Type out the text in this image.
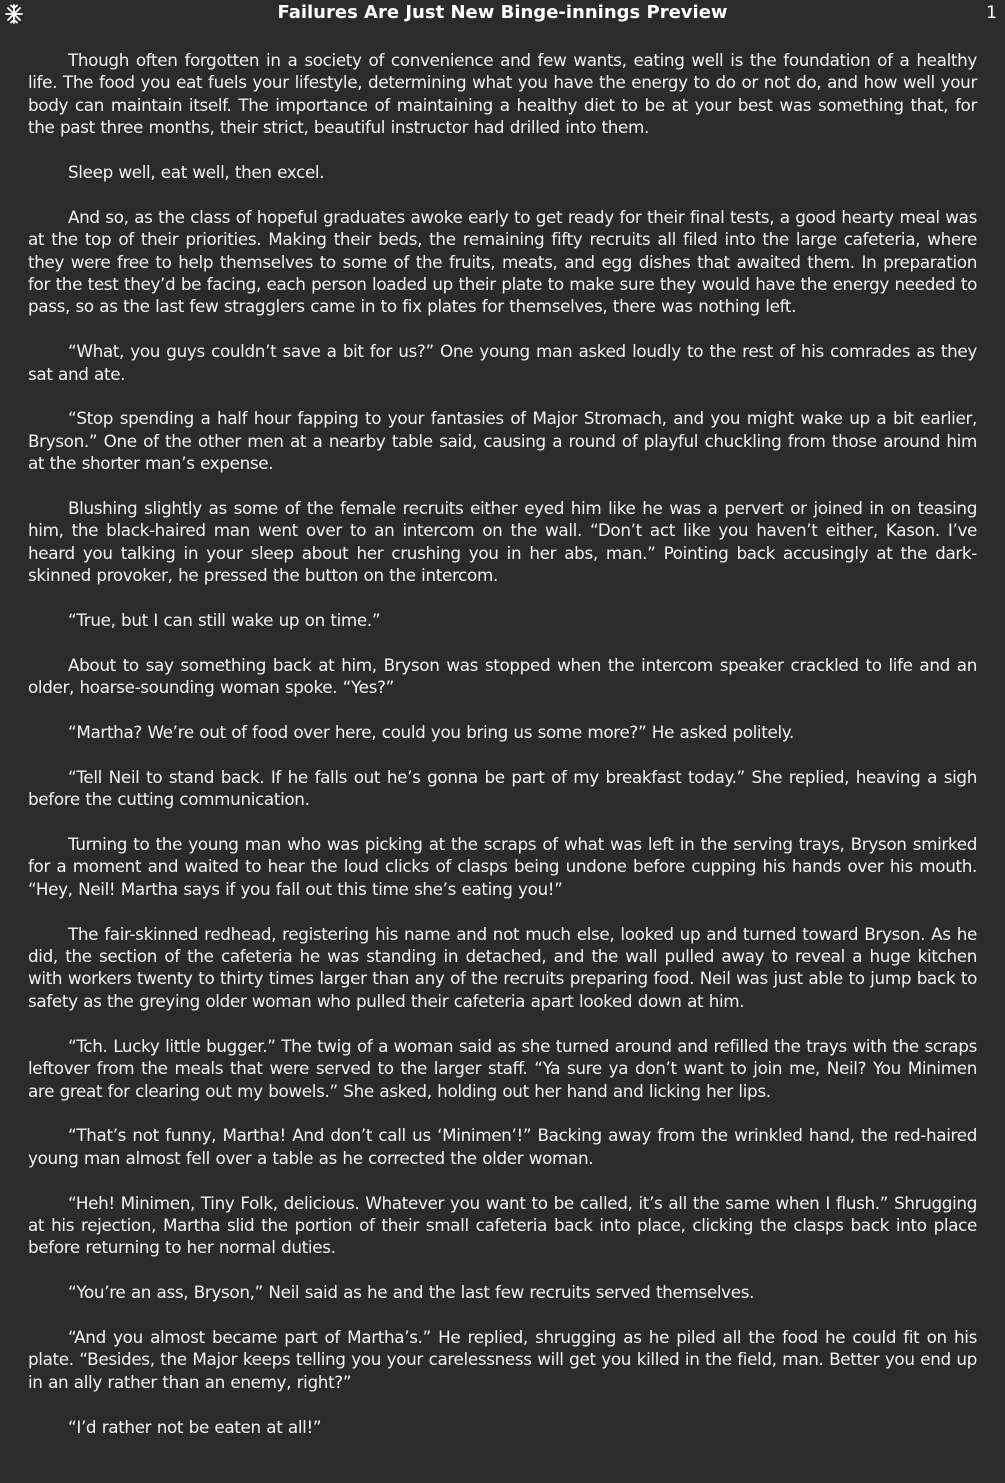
Failures Are Just New Binge-innings Preview	1

Though often forgotten in a society of convenience and few wants, eating well is the foundation of a healthy life. The food you eat fuels your lifestyle, determining what you have the energy to do or not do, and how well your body can maintain itself. The importance of maintaining a healthy diet to be at your best was something that, for the past three months, their strict, beautiful instructor had drilled into them.

Sleep well, eat well, then excel.

And so, as the class of hopeful graduates awoke early to get ready for their final tests, a good hearty meal was at the top of their priorities. Making their beds, the remaining fifty recruits all filed into the large cafeteria, where they were free to help themselves to some of the fruits, meats, and egg dishes that awaited them. In preparation for the test they’d be facing, each person loaded up their plate to make sure they would have the energy needed to pass, so as the last few stragglers came in to fix plates for themselves, there was nothing left.

“What, you guys couldn’t save a bit for us?” One young man asked loudly to the rest of his comrades as they sat and ate.

“Stop spending a half hour fapping to your fantasies of Major Stromach, and you might wake up a bit earlier, Bryson.” One of the other men at a nearby table said, causing a round of playful chuckling from those around him at the shorter man’s expense.

Blushing slightly as some of the female recruits either eyed him like he was a pervert or joined in on teasing him, the black-haired man went over to an intercom on the wall. “Don’t act like you haven’t either, Kason. I’ve heard you talking in your sleep about her crushing you in her abs, man.” Pointing back accusingly at the dark-skinned provoker, he pressed the button on the intercom.

“True, but I can still wake up on time.”

About to say something back at him, Bryson was stopped when the intercom speaker crackled to life and an older, hoarse-sounding woman spoke. “Yes?”

“Martha? We’re out of food over here, could you bring us some more?” He asked politely.

“Tell Neil to stand back. If he falls out he’s gonna be part of my breakfast today.” She replied, heaving a sigh before the cutting communication.

Turning to the young man who was picking at the scraps of what was left in the serving trays, Bryson smirked for a moment and waited to hear the loud clicks of clasps being undone before cupping his hands over his mouth. “Hey, Neil! Martha says if you fall out this time she’s eating you!”

The fair-skinned redhead, registering his name and not much else, looked up and turned toward Bryson. As he did, the section of the cafeteria he was standing in detached, and the wall pulled away to reveal a huge kitchen with workers twenty to thirty times larger than any of the recruits preparing food. Neil was just able to jump back to safety as the greying older woman who pulled their cafeteria apart looked down at him.

“Tch. Lucky little bugger.” The twig of a woman said as she turned around and refilled the trays with the scraps leftover from the meals that were served to the larger staff. “Ya sure ya don’t want to join me, Neil? You Minimen are great for clearing out my bowels.” She asked, holding out her hand and licking her lips.

“That’s not funny, Martha! And don’t call us ‘Minimen’!” Backing away from the wrinkled hand, the red-haired young man almost fell over a table as he corrected the older woman.

“Heh! Minimen, Tiny Folk, delicious. Whatever you want to be called, it’s all the same when I flush.” Shrugging at his rejection, Martha slid the portion of their small cafeteria back into place, clicking the clasps back into place before returning to her normal duties.

“You’re an ass, Bryson,” Neil said as he and the last few recruits served themselves.

“And you almost became part of Martha’s.” He replied, shrugging as he piled all the food he could fit on his plate. “Besides, the Major keeps telling you your carelessness will get you killed in the field, man. Better you end up in an ally rather than an enemy, right?”

“I’d rather not be eaten at all!”
